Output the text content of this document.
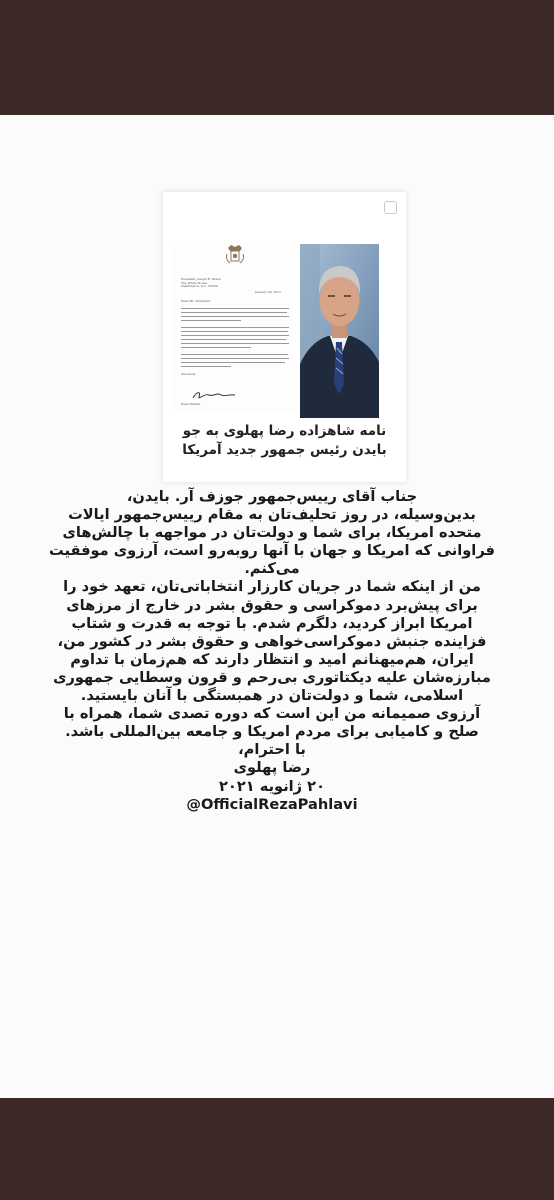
President Joseph R. Biden
The White House
Washington, D.C. 20500
January 20, 2021
Dear Mr. President,
Sincerely,
Reza Pahlavi
نامه شاهزاده رضا پهلوی به جو
بایدن رئیس جمهور جدید آمریکا

جناب آقای رییس‌جمهور جوزف آر. بایدن،

بدین‌وسیله، در روز تحلیف‌تان به مقام رییس‌جمهور ایالات

متحده امریکا، برای شما و دولت‌تان در مواجهه با چالش‌های

فراوانی که امریکا و جهان با آنها روبه‌رو است، آرزوی موفقیت

می‌کنم.

من از اینکه شما در جریان کارزار انتخاباتی‌تان، تعهد خود را

برای پیش‌برد دموکراسی و حقوق بشر در خارج از مرزهای

امریکا ابراز کردید، دلگرم شدم. با توجه به قدرت و شتاب

فزاینده جنبش دموکراسی‌خواهی و حقوق بشر در کشور من،

ایران، هم‌میهنانم امید و انتظار دارند که هم‌زمان با تداوم

مبارزه‌شان علیه دیکتاتوری بی‌رحم و قرون وسطایی جمهوری

اسلامی، شما و دولت‌تان در همبستگی با آنان بایستید.

آرزوی صمیمانه من این است که دوره تصدی شما، همراه با

صلح و کامیابی برای مردم امریکا و جامعه بین‌المللی باشد.

با احترام،

رضا پهلوی

۲۰ ژانویه ۲۰۲۱

@OfficialRezaPahlavi
